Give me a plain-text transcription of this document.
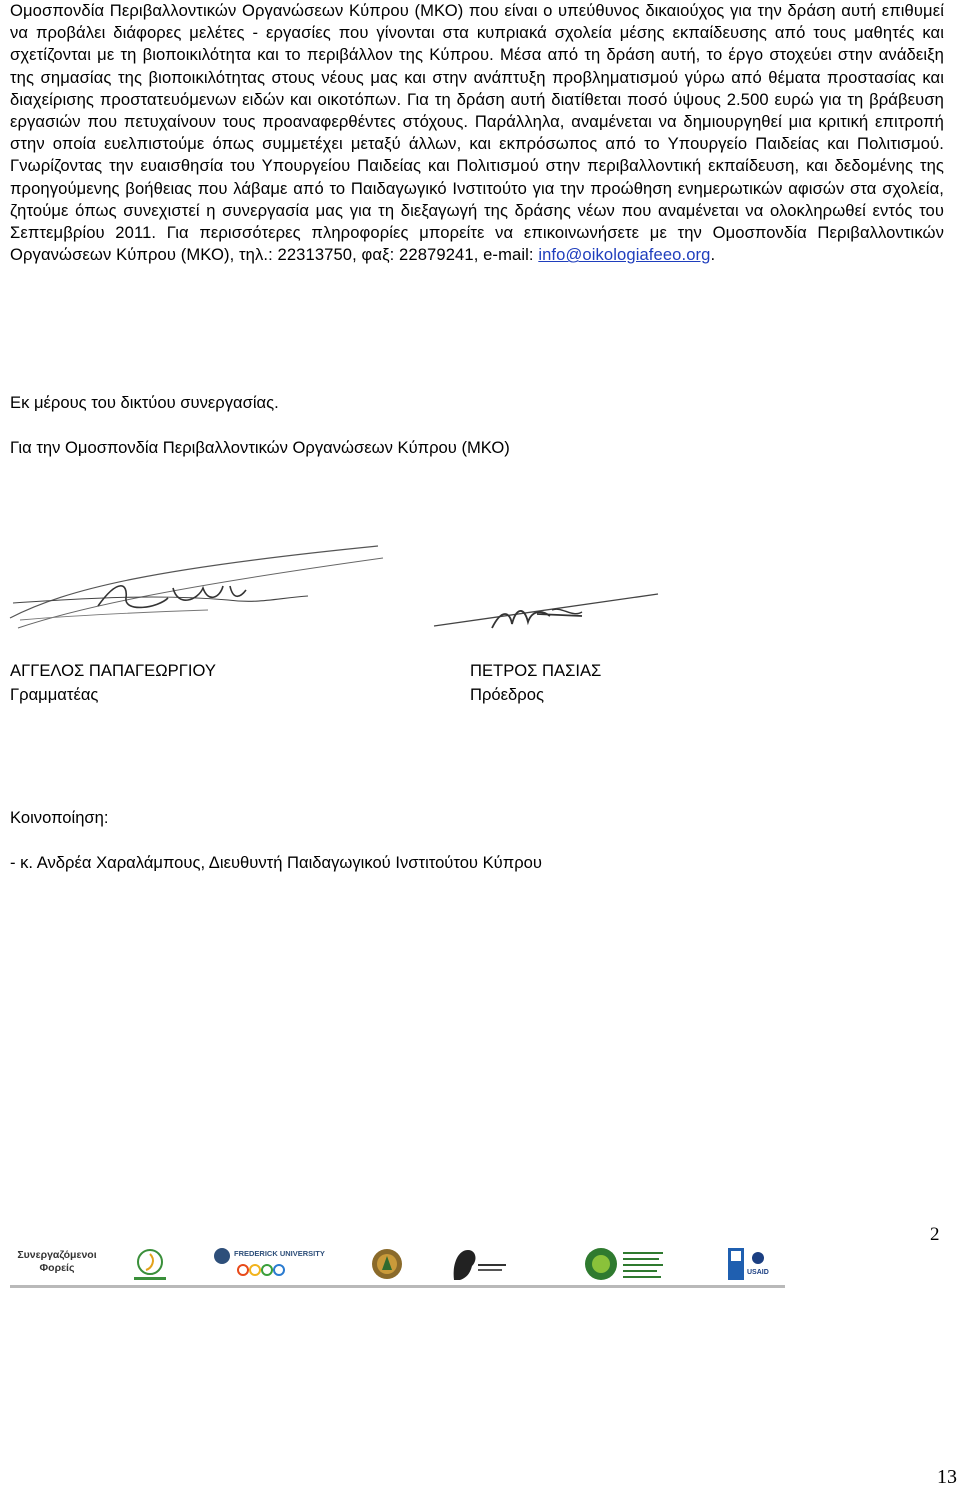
Ομοσπονδία Περιβαλλοντικών Οργανώσεων Κύπρου (ΜΚΟ) που είναι ο υπεύθυνος δικαιούχος για την δράση αυτή επιθυμεί να προβάλει διάφορες μελέτες - εργασίες που γίνονται στα κυπριακά σχολεία μέσης εκπαίδευσης από τους μαθητές και σχετίζονται με τη βιοποικιλότητα και το περιβάλλον της Κύπρου. Μέσα από τη δράση αυτή, το έργο στοχεύει στην ανάδειξη της σημασίας της βιοποικιλότητας στους νέους μας και στην ανάπτυξη προβληματισμού γύρω από θέματα προστασίας και διαχείρισης προστατευόμενων ειδών και οικοτόπων. Για τη δράση αυτή διατίθεται ποσό ύψους 2.500 ευρώ για τη βράβευση εργασιών που πετυχαίνουν τους προαναφερθέντες στόχους. Παράλληλα, αναμένεται να δημιουργηθεί μια κριτική επιτροπή στην οποία ευελπιστούμε όπως συμμετέχει μεταξύ άλλων, και εκπρόσωπος από το Υπουργείο Παιδείας και Πολιτισμού. Γνωρίζοντας την ευαισθησία του Υπουργείου Παιδείας και Πολιτισμού στην περιβαλλοντική εκπαίδευση, και δεδομένης της προηγούμενης βοήθειας που λάβαμε από το Παιδαγωγικό Ινστιτούτο για την προώθηση ενημερωτικών αφισών στα σχολεία, ζητούμε όπως συνεχιστεί η συνεργασία μας για τη διεξαγωγή της δράσης νέων που αναμένεται να ολοκληρωθεί εντός του Σεπτεμβρίου 2011. Για περισσότερες πληροφορίες μπορείτε να επικοινωνήσετε με την Ομοσπονδία Περιβαλλοντικών Οργανώσεων Κύπρου (ΜΚΟ), τηλ.: 22313750, φαξ: 22879241, e-mail: info@oikologiafeeo.org.
Εκ μέρους του δικτύου συνεργασίας.
Για την Ομοσπονδία Περιβαλλοντικών Οργανώσεων Κύπρου (ΜΚΟ)
ΑΓΓΕΛΟΣ ΠΑΠΑΓΕΩΡΓΙΟΥ
Γραμματέας
ΠΕΤΡΟΣ ΠΑΣΙΑΣ
Πρόεδρος
Κοινοποίηση:
- κ. Ανδρέα Χαραλάμπους, Διευθυντή Παιδαγωγικού Ινστιτούτου Κύπρου
2
Συνεργαζόμενοι Φορείς
FREDERICK UNIVERSITY
USAID
13
